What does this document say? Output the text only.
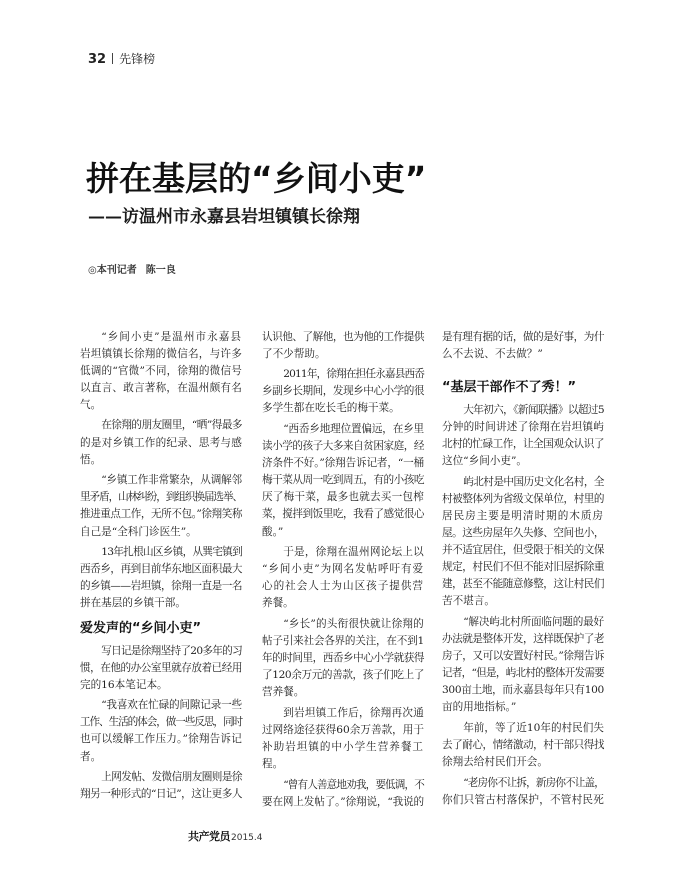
32 先锋榜
拼在基层的“乡间小吏”
——访温州市永嘉县岩坦镇镇长徐翔
◎本刊记者 陈一良
“乡间小吏”是温州市永嘉县
岩坦镇镇长徐翔的微信名，与许多
低调的“官微”不同，徐翔的微信号
以直言、敢言著称，在温州颇有名
气。
在徐翔的朋友圈里，“晒”得最多
的是对乡镇工作的纪录、思考与感
悟。
“乡镇工作非常繁杂，从调解邻
里矛盾，山林纠纷，到组织换届选举、
推进重点工作，无所不包。”徐翔笑称
自己是“全科门诊医生”。
13年扎根山区乡镇，从巽宅镇到
西岙乡，再到目前华东地区面积最大
的乡镇——岩坦镇，徐翔一直是一名
拼在基层的乡镇干部。
爱发声的“乡间小吏”
写日记是徐翔坚持了20多年的习
惯，在他的办公室里就存放着已经用
完的16本笔记本。
“我喜欢在忙碌的间隙记录一些
工作、生活的体会，做一些反思，同时
也可以缓解工作压力。”徐翔告诉记
者。
上网发帖、发微信朋友圈则是徐
翔另一种形式的“日记”，这让更多人
认识他、了解他，也为他的工作提供
了不少帮助。
2011年，徐翔在担任永嘉县西岙
乡副乡长期间，发现乡中心小学的很
多学生都在吃长毛的梅干菜。
“西岙乡地理位置偏远，在乡里
读小学的孩子大多来自贫困家庭，经
济条件不好。”徐翔告诉记者，“一桶
梅干菜从周一吃到周五，有的小孩吃
厌了梅干菜，最多也就去买一包榨
菜，搅拌到饭里吃，我看了感觉很心
酸。”
于是，徐翔在温州网论坛上以
“乡间小吏”为网名发帖呼吁有爱
心的社会人士为山区孩子提供营
养餐。
“乡长”的头衔很快就让徐翔的
帖子引来社会各界的关注，在不到1
年的时间里，西岙乡中心小学就获得
了120余万元的善款，孩子们吃上了
营养餐。
到岩坦镇工作后，徐翔再次通
过网络途径获得60余万善款，用于
补助岩坦镇的中小学生营养餐工
程。
“曾有人善意地劝我，要低调，不
要在网上发帖了。”徐翔说，“我说的
是有理有据的话，做的是好事，为什
么不去说、不去做？”
“基层干部作不了秀！”
大年初六，《新闻联播》以超过5
分钟的时间讲述了徐翔在岩坦镇屿
北村的忙碌工作，让全国观众认识了
这位“乡间小吏”。
屿北村是中国历史文化名村，全
村被整体列为省级文保单位，村里的
居民房主要是明清时期的木质房
屋。这些房屋年久失修、空间也小，
并不适宜居住，但受限于相关的文保
规定，村民们不但不能对旧屋拆除重
建，甚至不能随意修整，这让村民们
苦不堪言。
“解决屿北村所面临问题的最好
办法就是整体开发，这样既保护了老
房子，又可以安置好村民。”徐翔告诉
记者，“但是，屿北村的整体开发需要
300亩土地，而永嘉县每年只有100
亩的用地指标。”
年前，等了近10年的村民们失
去了耐心，情绪激动，村干部只得找
徐翔去给村民们开会。
“老房你不让拆，新房你不让盖，
你们只管古村落保护，不管村民死
共产党员2015.4
